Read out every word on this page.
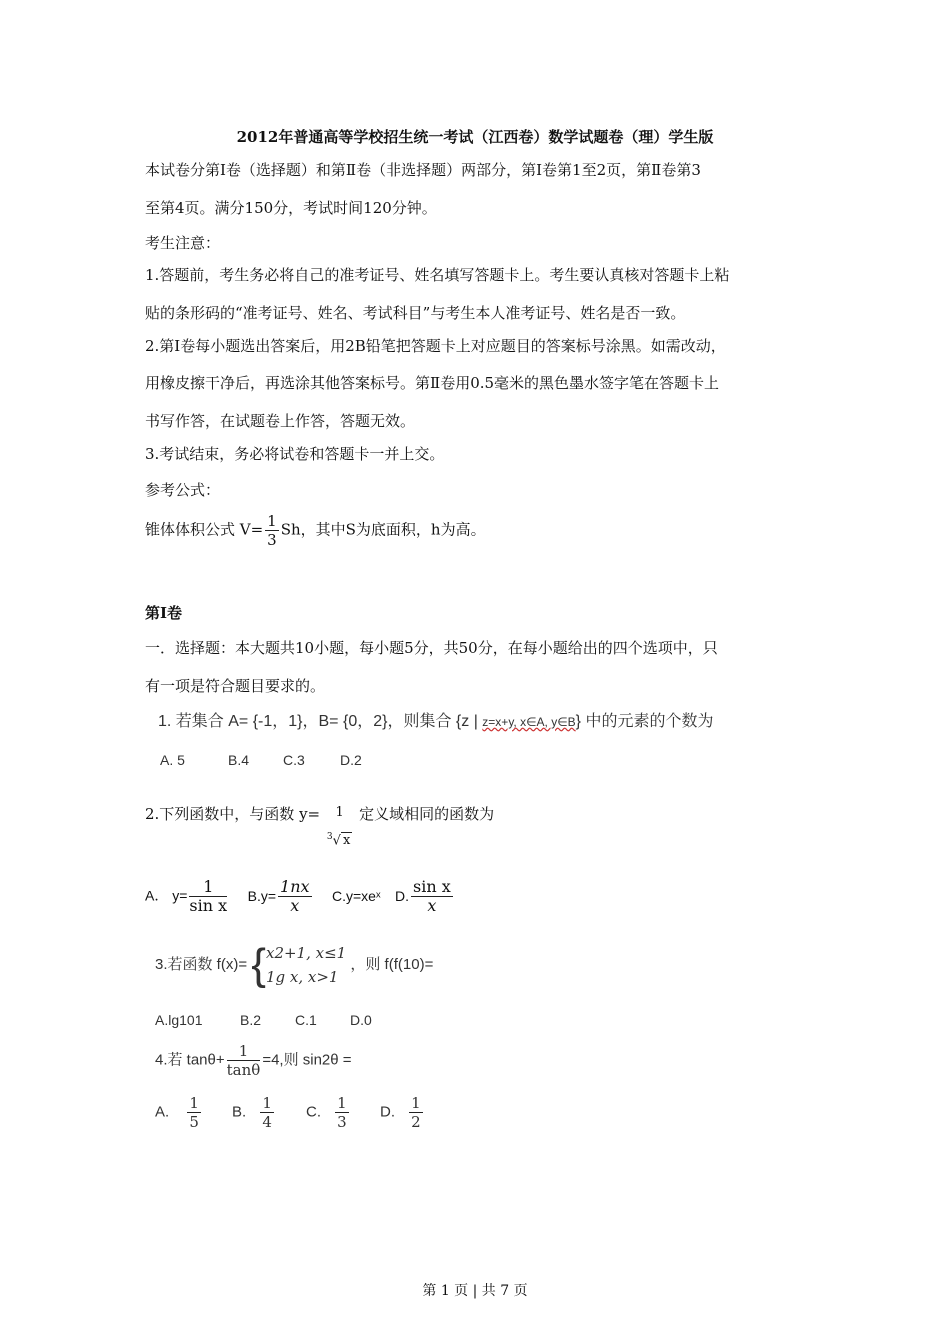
2012年普通高等学校招生统一考试（江西卷）数学试题卷（理）学生版
本试卷分第Ⅰ卷（选择题）和第Ⅱ卷（非选择题）两部分，第Ⅰ卷第1至2页，第Ⅱ卷第3
至第4页。满分150分，考试时间120分钟。
考生注意：
1.答题前，考生务必将自己的准考证号、姓名填写答题卡上。考生要认真核对答题卡上粘
贴的条形码的“准考证号、姓名、考试科目”与考生本人准考证号、姓名是否一致。
2.第Ⅰ卷每小题选出答案后，用2B铅笔把答题卡上对应题目的答案标号涂黑。如需改动，
用橡皮擦干净后，再选涂其他答案标号。第Ⅱ卷用0.5毫米的黑色墨水签字笔在答题卡上
书写作答，在试题卷上作答，答题无效。
3.考试结束，务必将试卷和答题卡一并上交。
参考公式：
锥体体积公式 $V= \frac{1}{3}$ Sh，其中S为底面积，h为高。
第Ⅰ卷
一．选择题：本大题共10小题，每小题5分，共50分，在每小题给出的四个选项中，只
有一项是符合题目要求的。
1. 若集合 A= {-1，1}，B= {0，2}，则集合 {z | z=x+y, x∈A, y∈B} 中的元素的个数为
A. 5	B.4 C.3	D.2
2.下列函数中，与函数 y=	1
$^3$√ x
定义域相同的函数为
A． $y= \frac{1}{\text{sin x}} B.y= \frac{1nx}{x}$ C.y=xeˣ D. $\frac{\text{sin x}}{x}$
3.若函数 f(x)= { x2+1, x≤1
1g x, x>1
，则 f(f(10)=
A.lg101	B.2 C.1 D.0
4.若 $\tan\theta+ \frac{1}{\tan\theta} =4$,则 sin2θ =
A. $\frac{1}{5} B$. $\frac{1}{4} C$. $\frac{1}{3} D$. $\frac{1}{2}$
第 1 页 | 共 7 页
